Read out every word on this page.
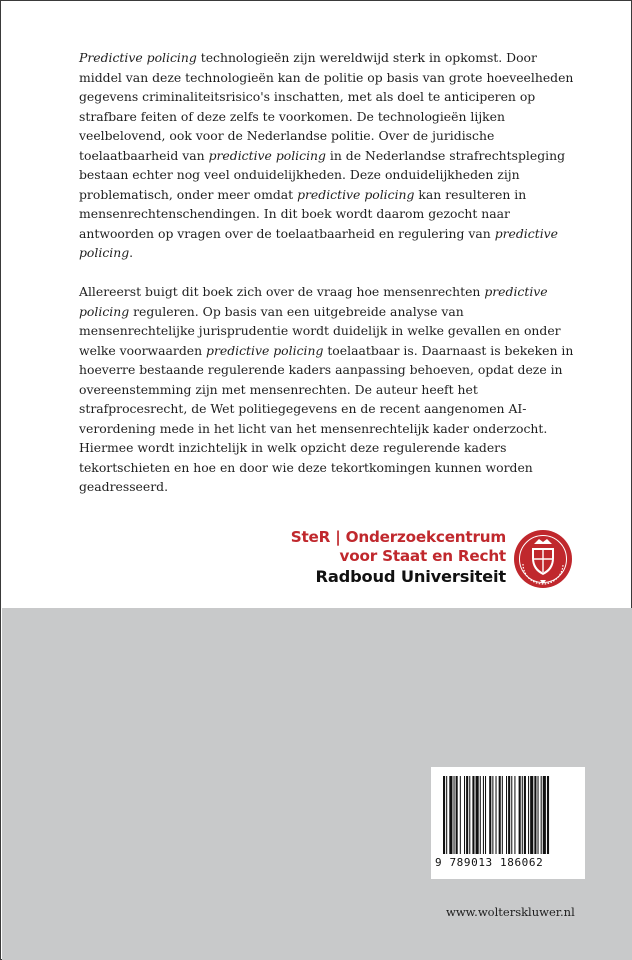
Predictive policing technologieën zijn wereldwijd sterk in opkomst. Door middel van deze technologieën kan de politie op basis van grote hoeveelheden gegevens criminaliteitsrisico's inschatten, met als doel te anticiperen op strafbare feiten of deze zelfs te voorkomen. De technologieën lijken veelbelovend, ook voor de Nederlandse politie. Over de juridische toelaatbaarheid van predictive policing in de Nederlandse strafrechtspleging bestaan echter nog veel onduidelijkheden. Deze onduidelijkheden zijn problematisch, onder meer omdat predictive policing kan resulteren in mensenrechtenschendingen. In dit boek wordt daarom gezocht naar antwoorden op vragen over de toelaatbaarheid en regulering van predictive policing.

Allereerst buigt dit boek zich over de vraag hoe mensenrechten predictive policing reguleren. Op basis van een uitgebreide analyse van mensenrechtelijke jurisprudentie wordt duidelijk in welke gevallen en onder welke voorwaarden predictive policing toelaatbaar is. Daarnaast is bekeken in hoeverre bestaande regulerende kaders aanpassing behoeven, opdat deze in overeenstemming zijn met mensenrechten. De auteur heeft het strafprocesrecht, de Wet politiegegevens en de recent aangenomen AI-verordening mede in het licht van het mensenrechtelijk kader onderzocht. Hiermee wordt inzichtelijk in welk opzicht deze regulerende kaders tekortschieten en hoe en door wie deze tekortkomingen kunnen worden geadresseerd.

SteR | Onderzoekcentrum
voor Staat en Recht
Radboud Universiteit
9 789013 186062
www.wolterskluwer.nl
